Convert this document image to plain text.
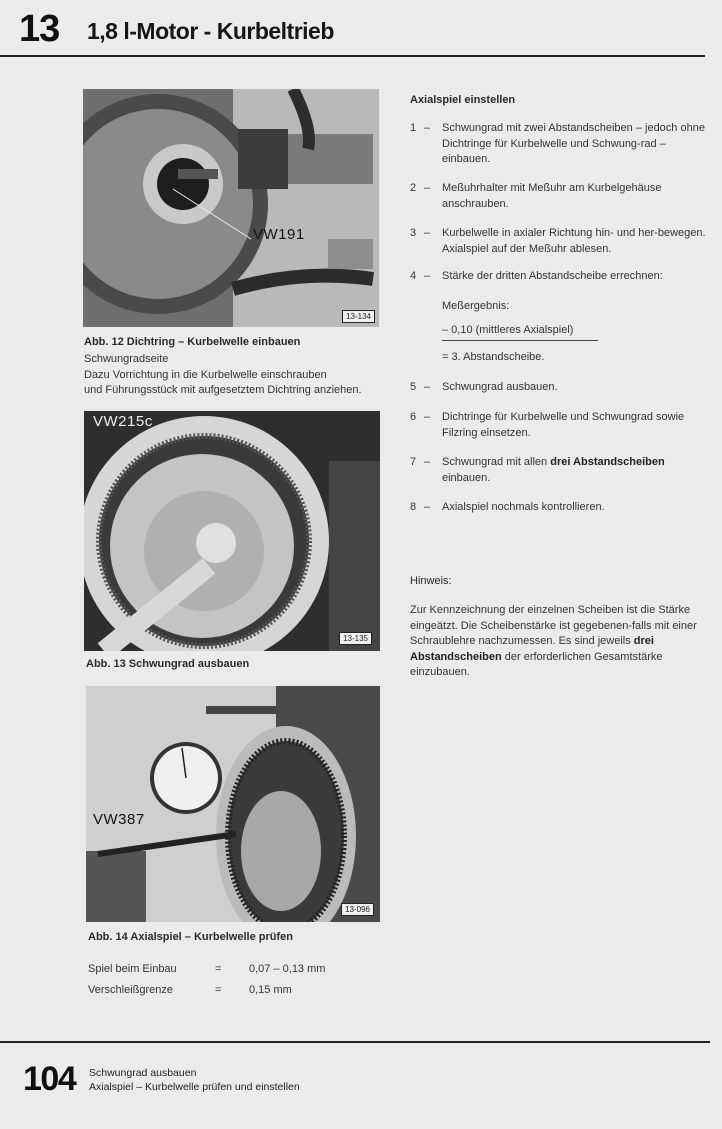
13 1,8 l-Motor - Kurbeltrieb
VW191
13-134
Abb. 12 Dichtring – Kurbelwelle einbauen
Schwungradseite
Dazu Vorrichtung in die Kurbelwelle einschrauben
und Führungsstück mit aufgesetztem Dichtring anziehen.
VW215c
13-135
Abb. 13 Schwungrad ausbauen
VW387
13-096
Abb. 14 Axialspiel – Kurbelwelle prüfen
Spiel beim Einbau	=	0,07 – 0,13 mm
Verschleißgrenze	=	0,15 mm
Axialspiel einstellen
1 –	Schwungrad mit zwei Abstandscheiben – jedoch ohne Dichtringe für Kurbelwelle und Schwung-rad – einbauen.
2 –	Meßuhrhalter mit Meßuhr am Kurbelgehäuse anschrauben.
3 –	Kurbelwelle in axialer Richtung hin- und her-bewegen. Axialspiel auf der Meßuhr ablesen.
4 –	Stärke der dritten Abstandscheibe errechnen:
Meßergebnis:
– 0,10 (mittleres Axialspiel)
= 3. Abstandscheibe.
5 –	Schwungrad ausbauen.
6 –	Dichtringe für Kurbelwelle und Schwungrad sowie Filzring einsetzen.
7 –	Schwungrad mit allen drei Abstandscheiben einbauen.
8 –	Axialspiel nochmals kontrollieren.
Hinweis:
Zur Kennzeichnung der einzelnen Scheiben ist die Stärke eingeätzt. Die Scheibenstärke ist gegebenen-falls mit einer Schraublehre nachzumessen. Es sind jeweils drei Abstandscheiben der erforderlichen Gesamtstärke einzubauen.
104 Schwungrad ausbauen
Axialspiel – Kurbelwelle prüfen und einstellen
